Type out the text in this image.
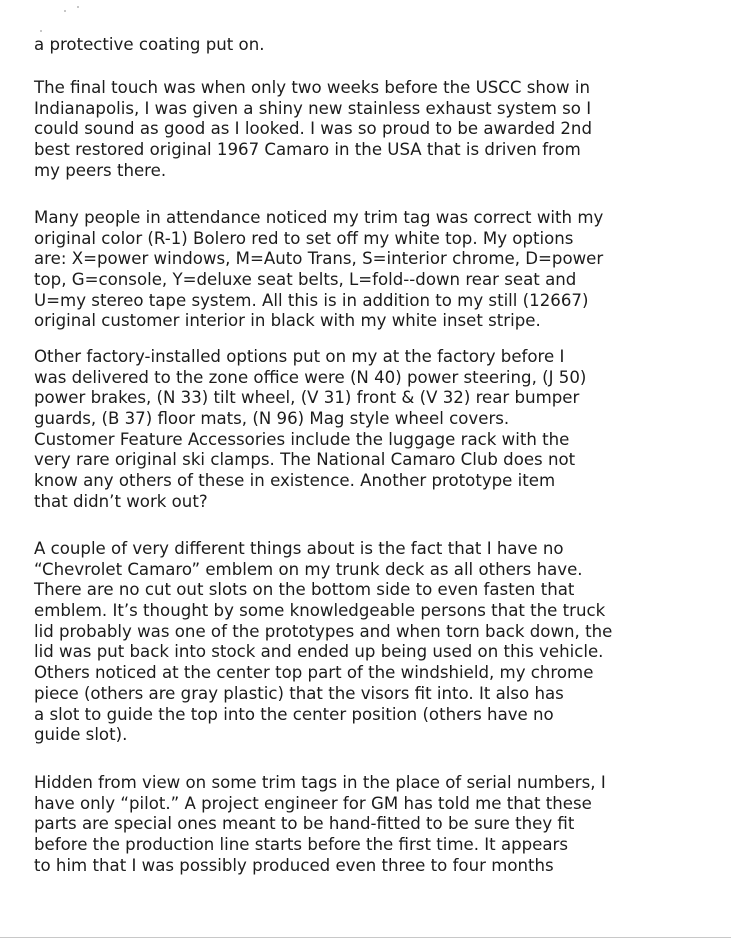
a protective coating put on.

The final touch was when only two weeks before the USCC show in
Indianapolis, I was given a shiny new stainless exhaust system so I
could sound as good as I looked. I was so proud to be awarded 2nd
best restored original 1967 Camaro in the USA that is driven from
my peers there.

Many people in attendance noticed my trim tag was correct with my
original color (R-1) Bolero red to set off my white top. My options
are: X=power windows, M=Auto Trans, S=interior chrome, D=power
top, G=console, Y=deluxe seat belts, L=fold--down rear seat and
U=my stereo tape system. All this is in addition to my still (12667)
original customer interior in black with my white inset stripe.

Other factory-installed options put on my at the factory before I
was delivered to the zone office were (N 40) power steering, (J 50)
power brakes, (N 33) tilt wheel, (V 31) front & (V 32) rear bumper
guards, (B 37) floor mats, (N 96) Mag style wheel covers.
Customer Feature Accessories include the luggage rack with the
very rare original ski clamps. The National Camaro Club does not
know any others of these in existence. Another prototype item
that didn’t work out?

A couple of very different things about is the fact that I have no
“Chevrolet Camaro” emblem on my trunk deck as all others have.
There are no cut out slots on the bottom side to even fasten that
emblem. It’s thought by some knowledgeable persons that the truck
lid probably was one of the prototypes and when torn back down, the
lid was put back into stock and ended up being used on this vehicle.
Others noticed at the center top part of the windshield, my chrome
piece (others are gray plastic) that the visors fit into. It also has
a slot to guide the top into the center position (others have no
guide slot).

Hidden from view on some trim tags in the place of serial numbers, I
have only “pilot.” A project engineer for GM has told me that these
parts are special ones meant to be hand-fitted to be sure they fit
before the production line starts before the first time. It appears
to him that I was possibly produced even three to four months
